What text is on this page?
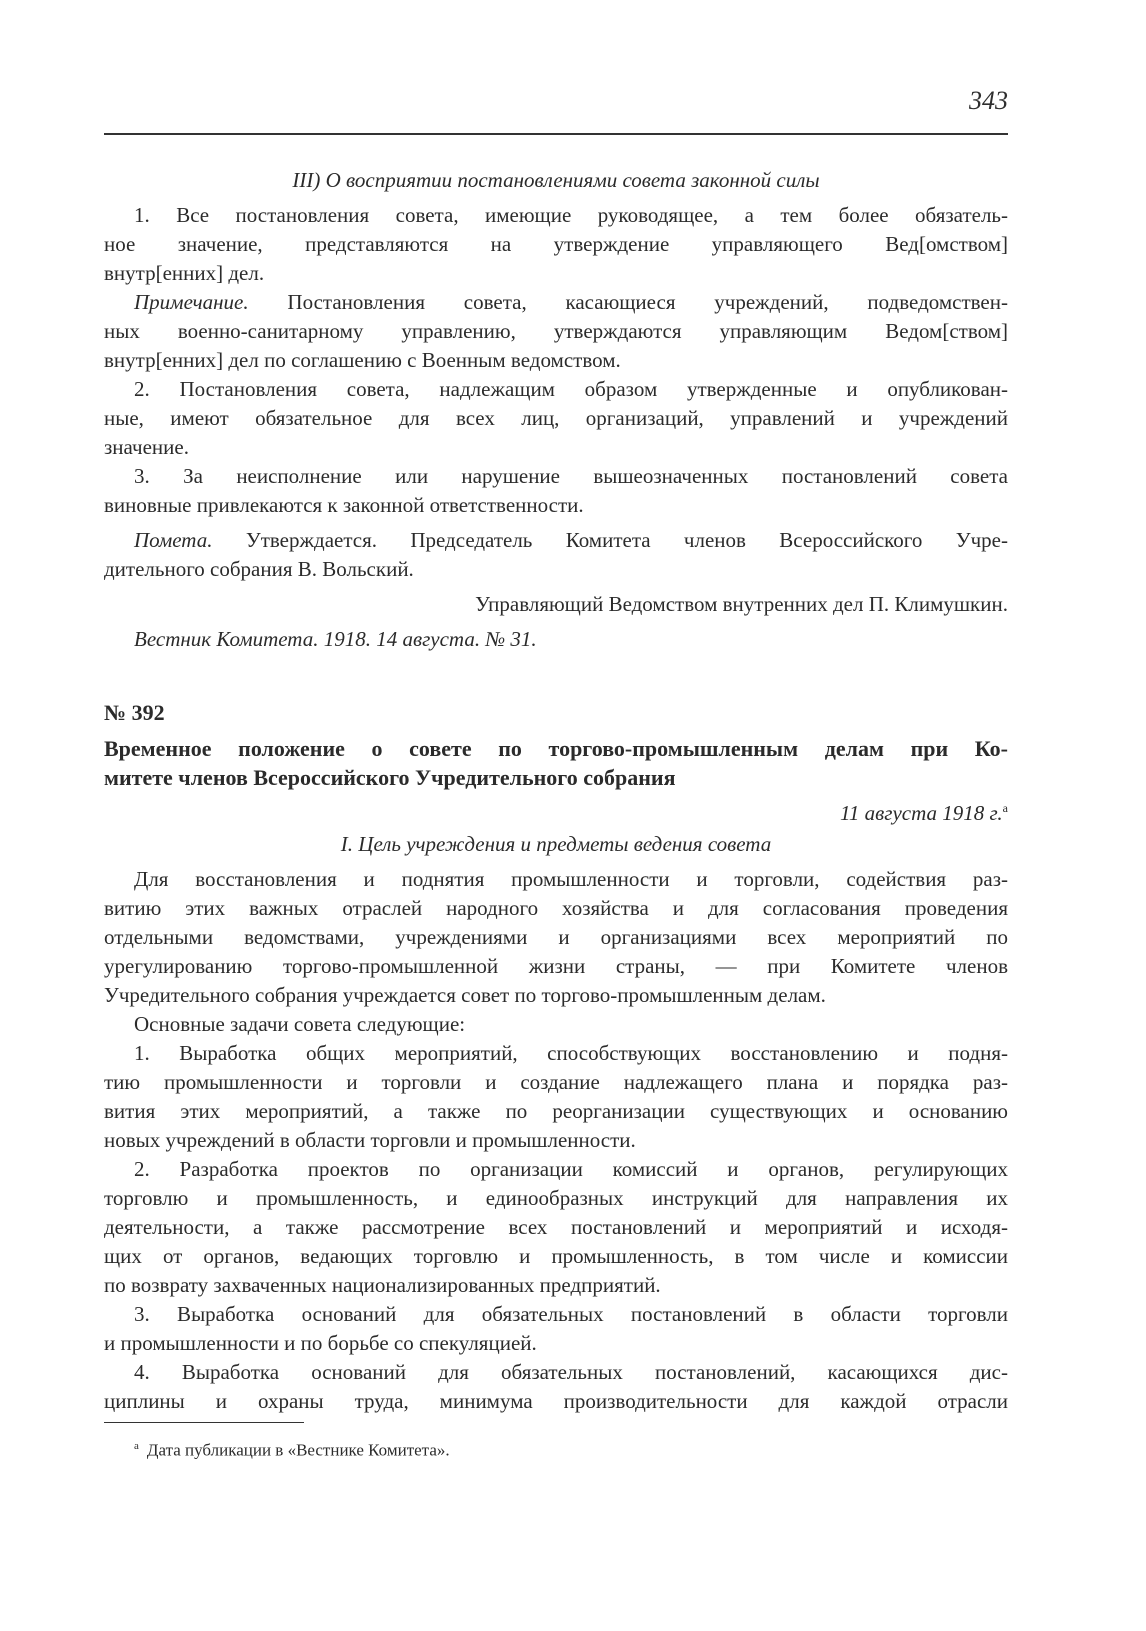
343
III) О восприятии постановлениями совета законной силы
1. Все постановления совета, имеющие руководящее, а тем более обязатель-
ное значение, представляются на утверждение управляющего Вед[омством]
внутр[енних] дел.
Примечание. Постановления совета, касающиеся учреждений, подведомствен-
ных военно-санитарному управлению, утверждаются управляющим Ведом[ством]
внутр[енних] дел по соглашению с Военным ведомством.
2. Постановления совета, надлежащим образом утвержденные и опубликован-
ные, имеют обязательное для всех лиц, организаций, управлений и учреждений
значение.
3. За неисполнение или нарушение вышеозначенных постановлений совета
виновные привлекаются к законной ответственности.
Помета. Утверждается. Председатель Комитета членов Всероссийского Учре-
дительного собрания В. Вольский.
Управляющий Ведомством внутренних дел П. Климушкин.
Вестник Комитета. 1918. 14 августа. № 31.
№ 392
Временное положение о совете по торгово-промышленным делам при Ко-
митете членов Всероссийского Учредительного собрания
11 августа 1918 г.$^а$
I. Цель учреждения и предметы ведения совета
Для восстановления и поднятия промышленности и торговли, содействия раз-
витию этих важных отраслей народного хозяйства и для согласования проведения
отдельными ведомствами, учреждениями и организациями всех мероприятий по
урегулированию торгово-промышленной жизни страны, — при Комитете членов
Учредительного собрания учреждается совет по торгово-промышленным делам.
Основные задачи совета следующие:
1. Выработка общих мероприятий, способствующих восстановлению и подня-
тию промышленности и торговли и создание надлежащего плана и порядка раз-
вития этих мероприятий, а также по реорганизации существующих и основанию
новых учреждений в области торговли и промышленности.
2. Разработка проектов по организации комиссий и органов, регулирующих
торговлю и промышленность, и единообразных инструкций для направления их
деятельности, а также рассмотрение всех постановлений и мероприятий и исходя-
щих от органов, ведающих торговлю и промышленность, в том числе и комиссии
по возврату захваченных национализированных предприятий.
3. Выработка оснований для обязательных постановлений в области торговли
и промышленности и по борьбе со спекуляцией.
4. Выработка оснований для обязательных постановлений, касающихся дис-
циплины и охраны труда, минимума производительности для каждой отрасли
$^а$ Дата публикации в «Вестнике Комитета».
